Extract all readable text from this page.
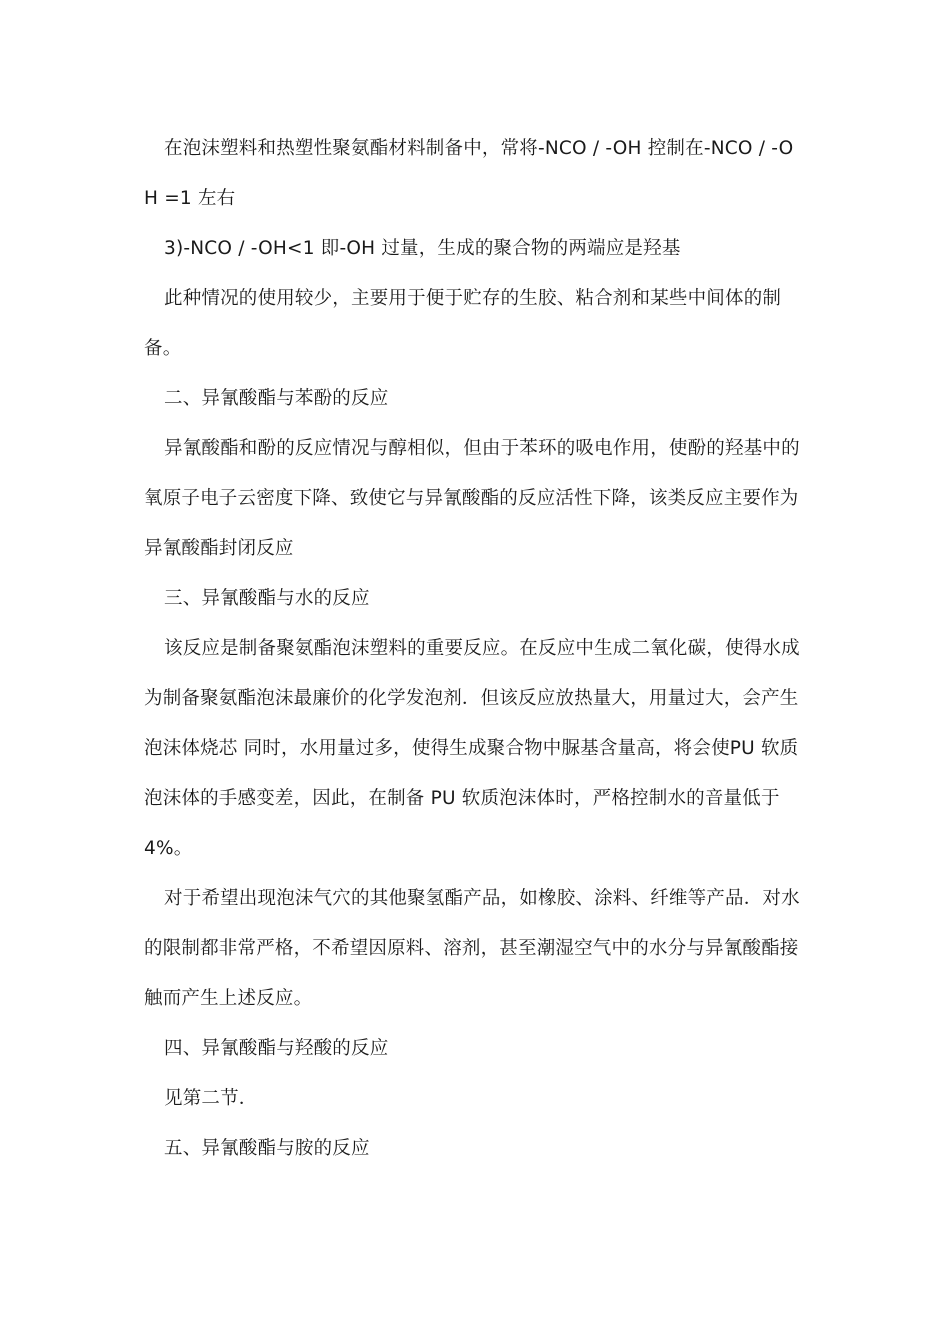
在泡沫塑料和热塑性聚氨酯材料制备中，常将-NCO / -OH 控制在-NCO / -OH =1 左右

3)-NCO / -OH<1 即-OH 过量，生成的聚合物的两端应是羟基

此种情况的使用较少，主要用于便于贮存的生胶、粘合剂和某些中间体的制备。

二、异氰酸酯与苯酚的反应

异氰酸酯和酚的反应情况与醇相似，但由于苯环的吸电作用，使酚的羟基中的氧原子电子云密度下降、致使它与异氰酸酯的反应活性下降，该类反应主要作为异氰酸酯封闭反应

三、异氰酸酯与水的反应

该反应是制备聚氨酯泡沫塑料的重要反应。在反应中生成二氧化碳，使得水成为制备聚氨酯泡沫最廉价的化学发泡剂．但该反应放热量大，用量过大，会产生泡沫体烧芯 同时，水用量过多，使得生成聚合物中脲基含量高，将会使PU 软质泡沫体的手感变差，因此，在制备 PU 软质泡沫体时，严格控制水的音量低于 4%。

对于希望出现泡沫气穴的其他聚氢酯产品，如橡胶、涂料、纤维等产品．对水的限制都非常严格，不希望因原料、溶剂，甚至潮湿空气中的水分与异氰酸酯接触而产生上述反应。

四、异氰酸酯与羟酸的反应

见第二节．

五、异氰酸酯与胺的反应
